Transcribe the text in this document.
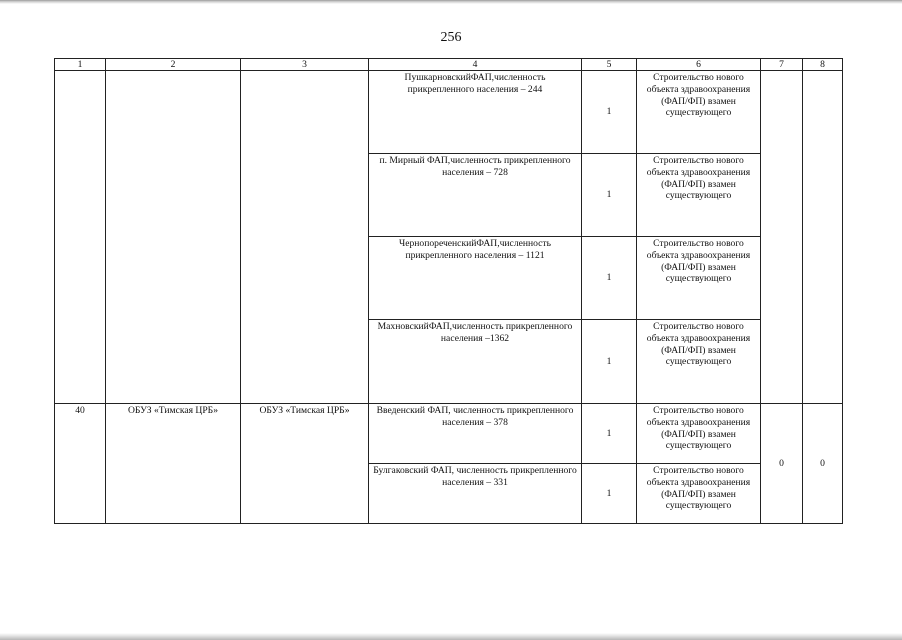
256
1	2	3	4	5	6	7	8
			ПушкарновскийФАП,численность прикрепленного населения – 244	1	Строительство нового объекта здравоохранения (ФАП/ФП) взамен существующего		
			п. Мирный ФАП,численность прикрепленного населения – 728	1	Строительство нового объекта здравоохранения (ФАП/ФП) взамен существующего		
			ЧернопореченскийФАП,численность прикрепленного населения – 1121	1	Строительство нового объекта здравоохранения (ФАП/ФП) взамен существующего		
			МахновскийФАП,численность прикрепленного населения –1362	1	Строительство нового объекта здравоохранения (ФАП/ФП) взамен существующего		
40	ОБУЗ «Тимская ЦРБ»	ОБУЗ «Тимская ЦРБ»	Введенский ФАП, численность прикрепленного населения – 378	1	Строительство нового объекта здравоохранения (ФАП/ФП) взамен существующего	0	0
			Булгаковский ФАП, численность прикрепленного населения – 331	1	Строительство нового объекта здравоохранения (ФАП/ФП) взамен существующего		
